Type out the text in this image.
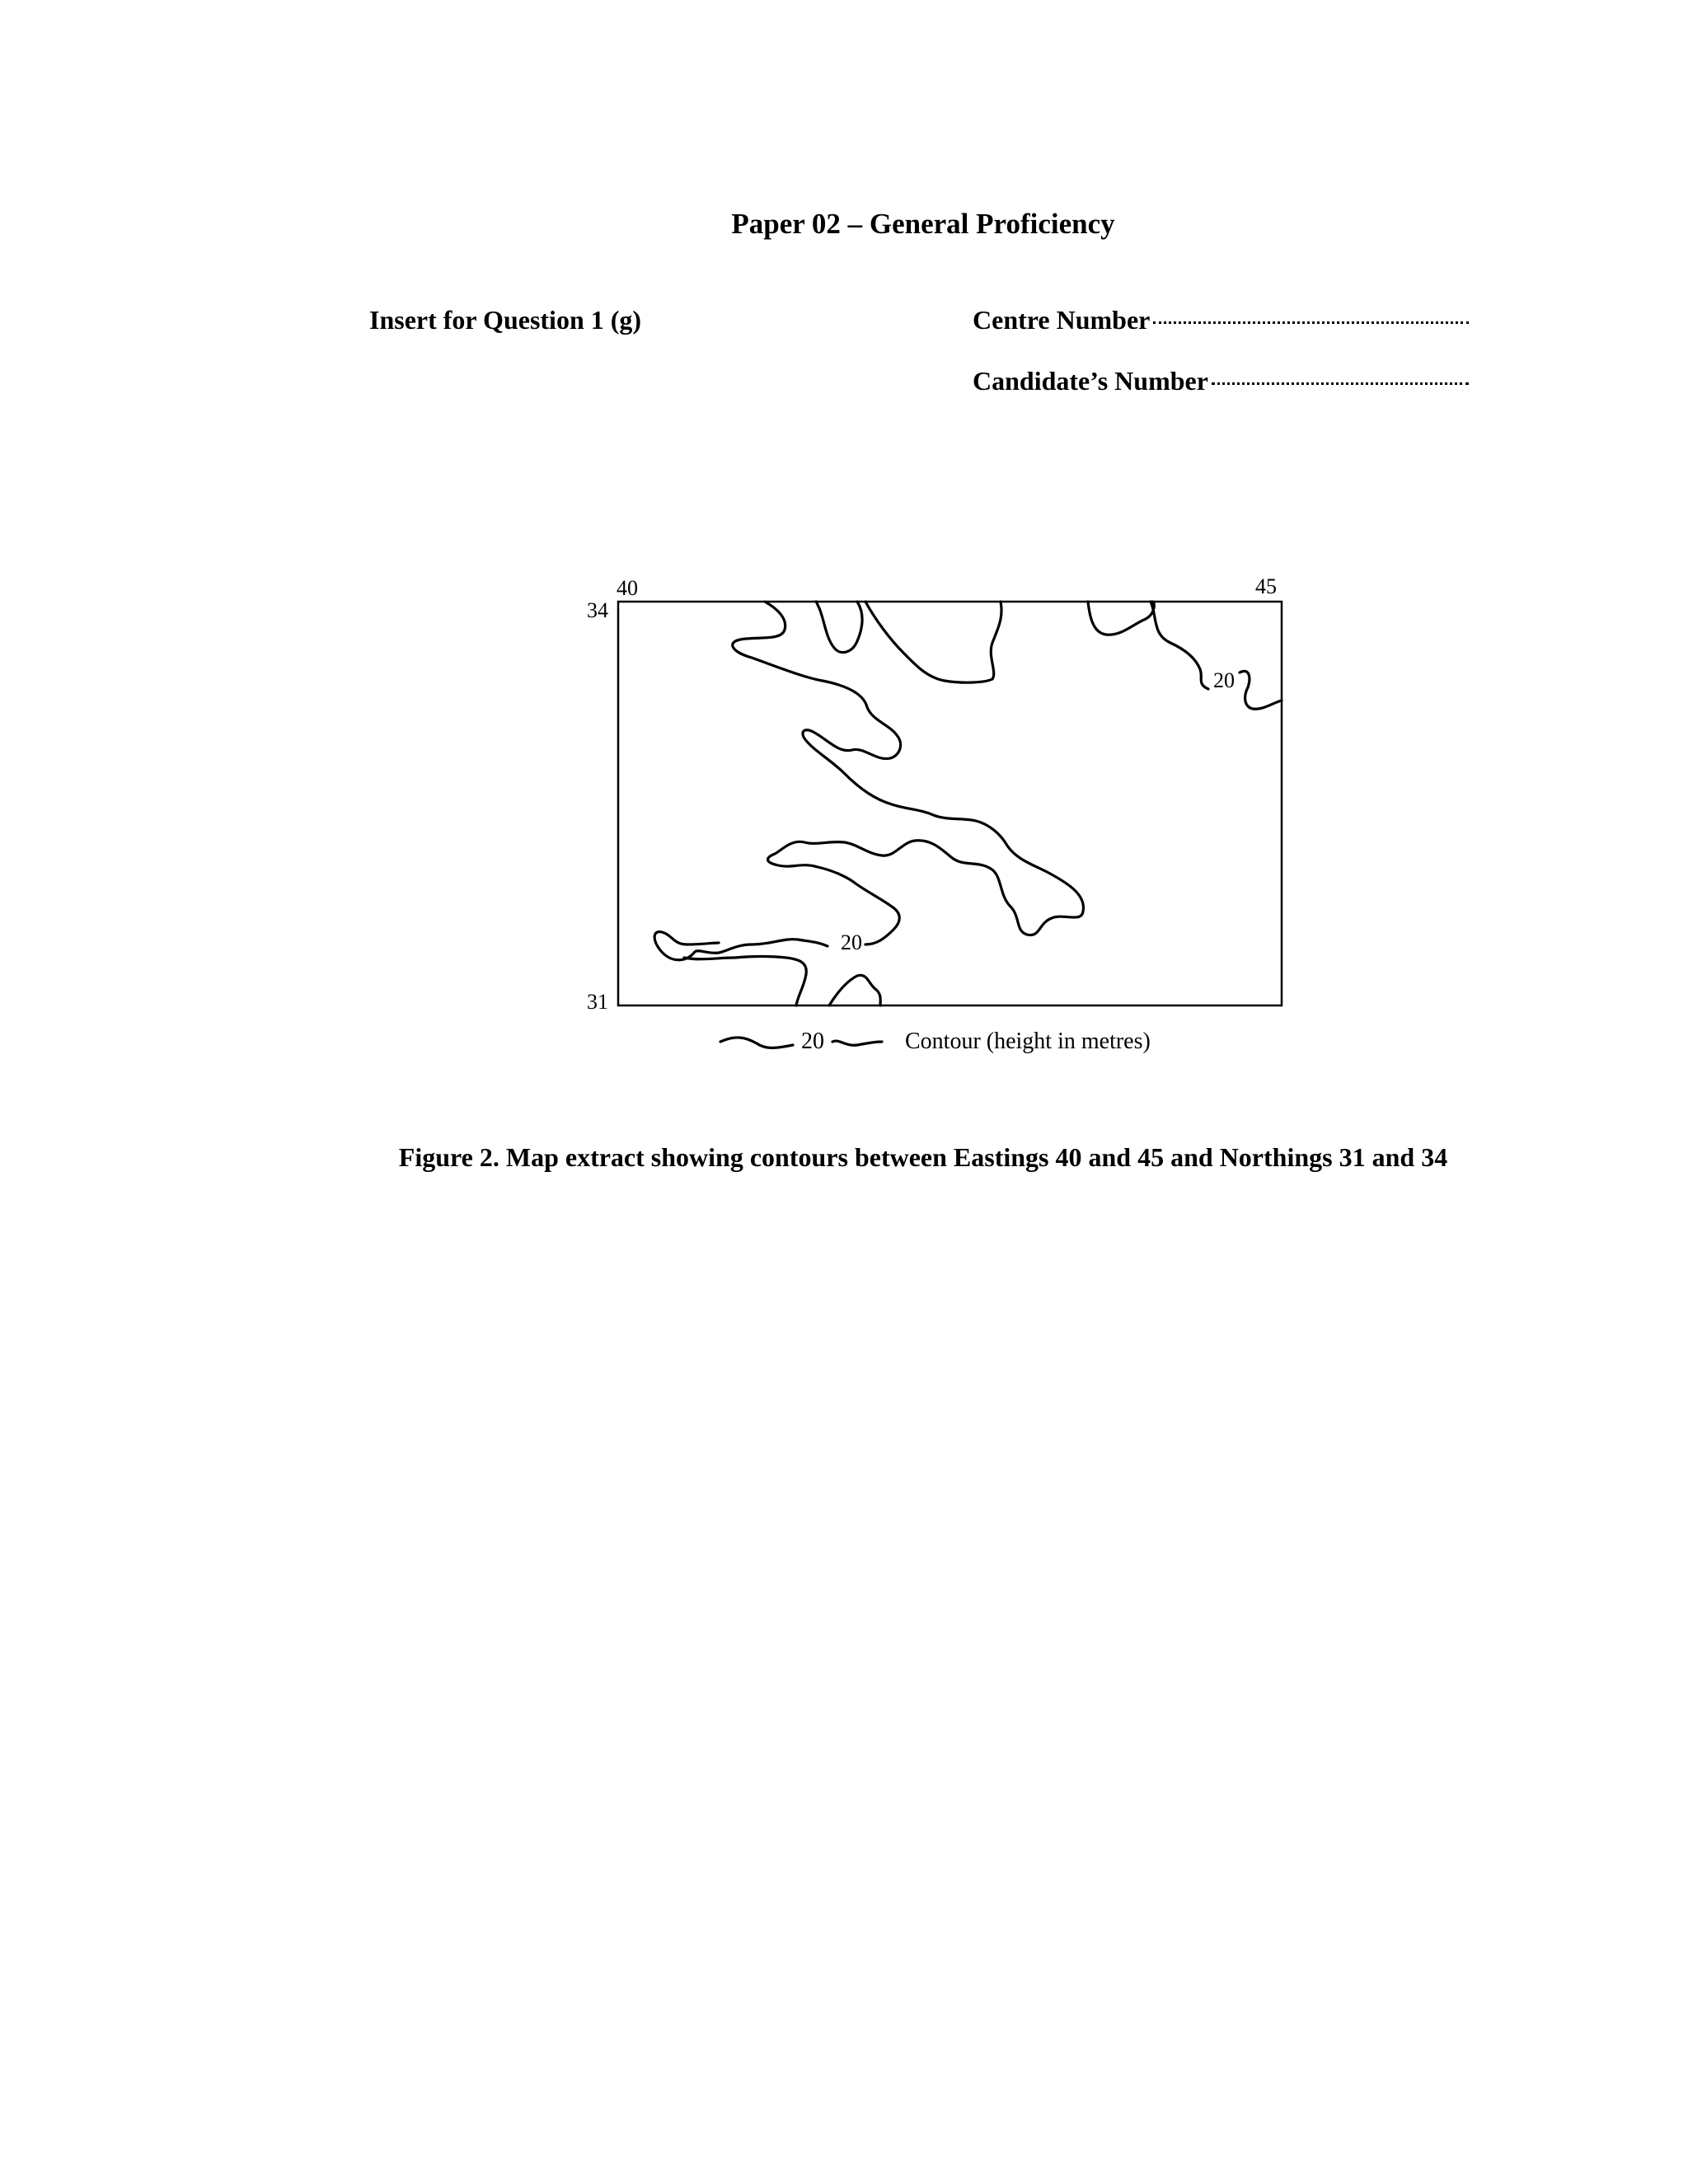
Paper 02 – General Proficiency
Insert for Question 1 (g)	Centre Number
Candidate’s Number
40	45
34
31
20
20
20	Contour (height in metres)
Figure 2. Map extract showing contours between Eastings 40 and 45 and Northings 31 and 34
